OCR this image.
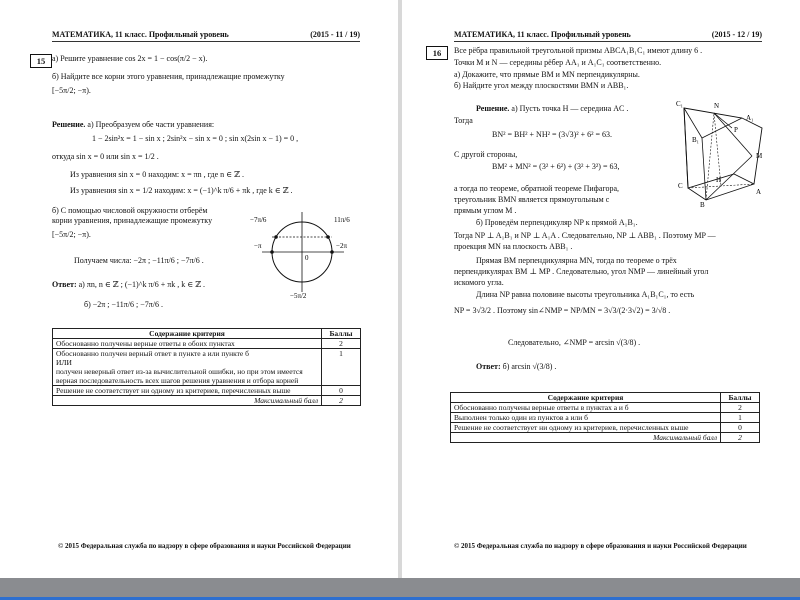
МАТЕМАТИКА, 11 класс. Профильный уровень	(2015 - 11 / 19)
15 а) Решите уравнение cos 2x = 1 − cos(π/2 − x).
б) Найдите все корни этого уравнения, принадлежащие промежутку
[−5π/2; −π).
Решение. а) Преобразуем обе части уравнения:
1 − 2sin²x = 1 − sin x ; 2sin²x − sin x = 0 ; sin x(2sin x − 1) = 0 ,
откуда sin x = 0 или sin x = 1/2 .
Из уравнения sin x = 0 находим: x = πn , где n ∈ ℤ .
Из уравнения sin x = 1/2 находим: x = (−1)^k π/6 + πk , где k ∈ ℤ .
б) С помощью числовой окружности отберём
корни уравнения, принадлежащие промежутку
[−5π/2; −π).
Получаем числа: −2π ; −11π/6 ; −7π/6 .
Ответ: а) πn, n ∈ ℤ ; (−1)^k π/6 + πk , k ∈ ℤ .
б) −2π ; −11π/6 ; −7π/6 .
11π/6
−7π/6
−π	−2π
0
−5π/2
Содержание критерия	Баллы
Обоснованно получены верные ответы в обоих пунктах	2
Обоснованно получен верный ответ в пункте а или пункте б
ИЛИ
получен неверный ответ из-за вычислительной ошибки, но при этом имеется верная последовательность всех шагов решения уравнения и отбора корней	1
Решение не соответствует ни одному из критериев, перечисленных выше	0
Максимальный балл	2
© 2015 Федеральная служба по надзору в сфере образования и науки Российской Федерации
МАТЕМАТИКА, 11 класс. Профильный уровень	(2015 - 12 / 19)
16	Все рёбра правильной треугольной призмы ABCA₁B₁C₁ имеют длину 6 .
Точки M и N — середины рёбер AA₁ и A₁C₁ соответственно.
а) Докажите, что прямые BM и MN перпендикулярны.
б) Найдите угол между плоскостями BMN и ABB₁.
Решение. а) Пусть точка H — середина AC .
Тогда
BN² = BH² + NH² = (3√3)² + 6² = 63.
С другой стороны,
BM² + MN² = (3² + 6²) + (3² + 3²) = 63,
а тогда по теореме, обратной теореме Пифагора,
треугольник BMN является прямоугольным с
прямым углом M .
б) Проведём перпендикуляр NP к прямой A₁B₁.
Тогда NP ⊥ A₁B₁ и NP ⊥ A₁A . Следовательно, NP ⊥ ABB₁ . Поэтому MP —
проекция MN на плоскость ABB₁ .
Прямая BM перпендикулярна MN, тогда по теореме о трёх
перпендикулярах BM ⊥ MP . Следовательно, угол NMP — линейный угол
искомого угла.
Длина NP равна половине высоты треугольника A₁B₁C₁, то есть
NP = 3√3/2 . Поэтому sin∠NMP = NP/MN = 3√3/(2·3√2) = 3/√8 .
Следовательно, ∠NMP = arcsin √(3/8) .
Ответ: б) arcsin √(3/8) .
C₁	N
A₁
B₁
P
M
H
C
A
B
Содержание критерия	Баллы
Обоснованно получены верные ответы в пунктах а и б	2
Выполнен только один из пунктов а или б	1
Решение не соответствует ни одному из критериев, перечисленных выше	0
Максимальный балл	2
© 2015 Федеральная служба по надзору в сфере образования и науки Российской Федерации
